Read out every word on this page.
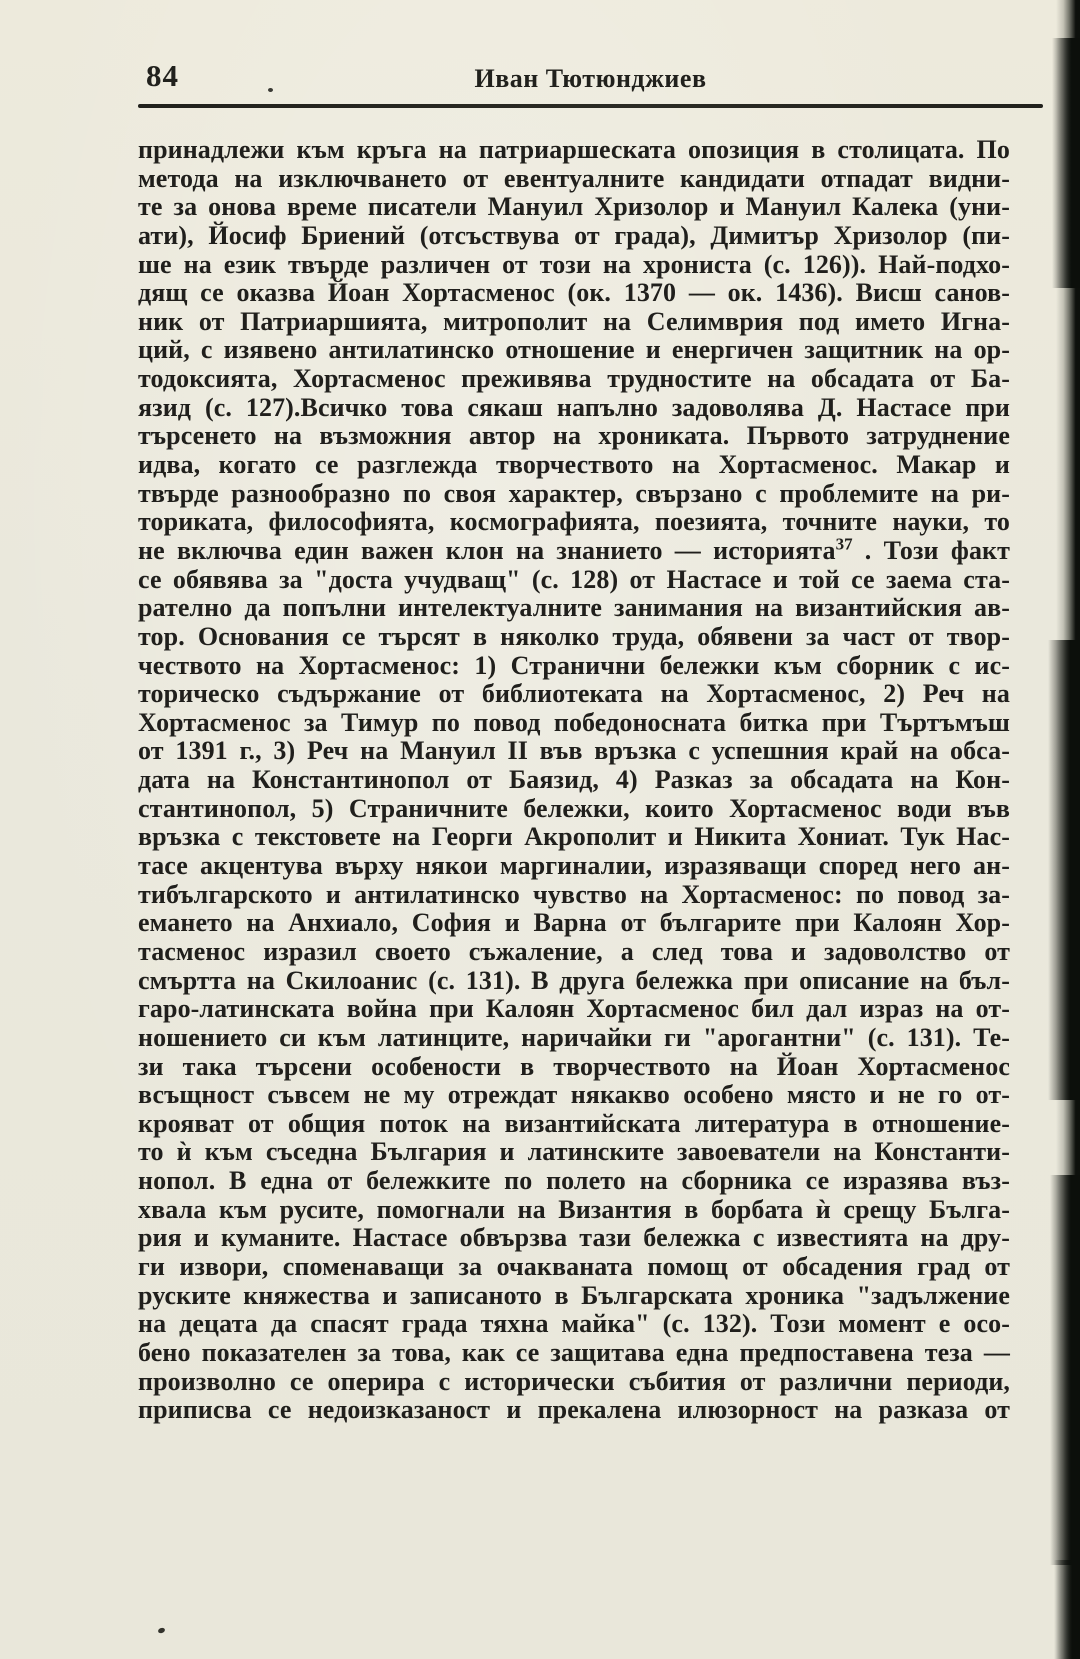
84	Иван Тютюнджиев
принадлежи към кръга на патриаршеската опозиция в столицата. По
метода на изключването от евентуалните кандидати отпадат видни-
те за онова време писатели Мануил Хризолор и Мануил Калека (уни-
ати), Йосиф Бриений (отсъствува от града), Димитър Хризолор (пи-
ше на език твърде различен от този на хрониста (с. 126)). Най-подхо-
дящ се оказва Йоан Хортасменос (ок. 1370 — ок. 1436). Висш санов-
ник от Патриаршията, митрополит на Селимврия под името Игна-
ций, с изявено антилатинско отношение и енергичен защитник на ор-
тодоксията, Хортасменос преживява трудностите на обсадата от Ба-
язид (с. 127).Всичко това сякаш напълно задоволява Д. Настасе при
търсенето на възможния автор на хрониката. Първото затруднение
идва, когато се разглежда творчеството на Хортасменос. Макар и
твърде разнообразно по своя характер, свързано с проблемите на ри-
ториката, философията, космографията, поезията, точните науки, то
не включва един важен клон на знанието — историята$^{37}$ . Този факт
се обявява за "доста учудващ" (с. 128) от Настасе и той се заема ста-
рателно да попълни интелектуалните занимания на византийския ав-
тор. Основания се търсят в няколко труда, обявени за част от твор-
чеството на Хортасменос: 1) Странични бележки към сборник с ис-
торическо съдържание от библиотеката на Хортасменос, 2) Реч на
Хортасменос за Тимур по повод победоносната битка при Търтъмъш
от 1391 г., 3) Реч на Мануил II във връзка с успешния край на обса-
дата на Константинопол от Баязид, 4) Разказ за обсадата на Кон-
стантинопол, 5) Страничните бележки, които Хортасменос води във
връзка с текстовете на Георги Акрополит и Никита Хониат. Тук Нас-
тасе акцентува върху някои маргиналии, изразяващи според него ан-
тибългарското и антилатинско чувство на Хортасменос: по повод за-
емането на Анхиало, София и Варна от българите при Калоян Хор-
тасменос изразил своето съжаление, а след това и задоволство от
смъртта на Скилоанис (с. 131). В друга бележка при описание на бъл-
гаро-латинската война при Калоян Хортасменос бил дал израз на от-
ношението си към латинците, наричайки ги "арогантни" (с. 131). Те-
зи така търсени особености в творчеството на Йоан Хортасменос
всъщност съвсем не му отреждат някакво особено място и не го от-
крояват от общия поток на византийската литература в отношение-
то ѝ към съседна България и латинските завоеватели на Константи-
нопол. В една от бележките по полето на сборника се изразява въз-
хвала към русите, помогнали на Византия в борбата ѝ срещу Бълга-
рия и куманите. Настасе обвързва тази бележка с известията на дру-
ги извори, споменаващи за очакваната помощ от обсадения град от
руските княжества и записаното в Българската хроника "задължение
на децата да спасят града тяхна майка" (с. 132). Този момент е осо-
бено показателен за това, как се защитава една предпоставена теза —
произволно се оперира с исторически събития от различни периоди,
приписва се недоизказаност и прекалена илюзорност на разказа от
